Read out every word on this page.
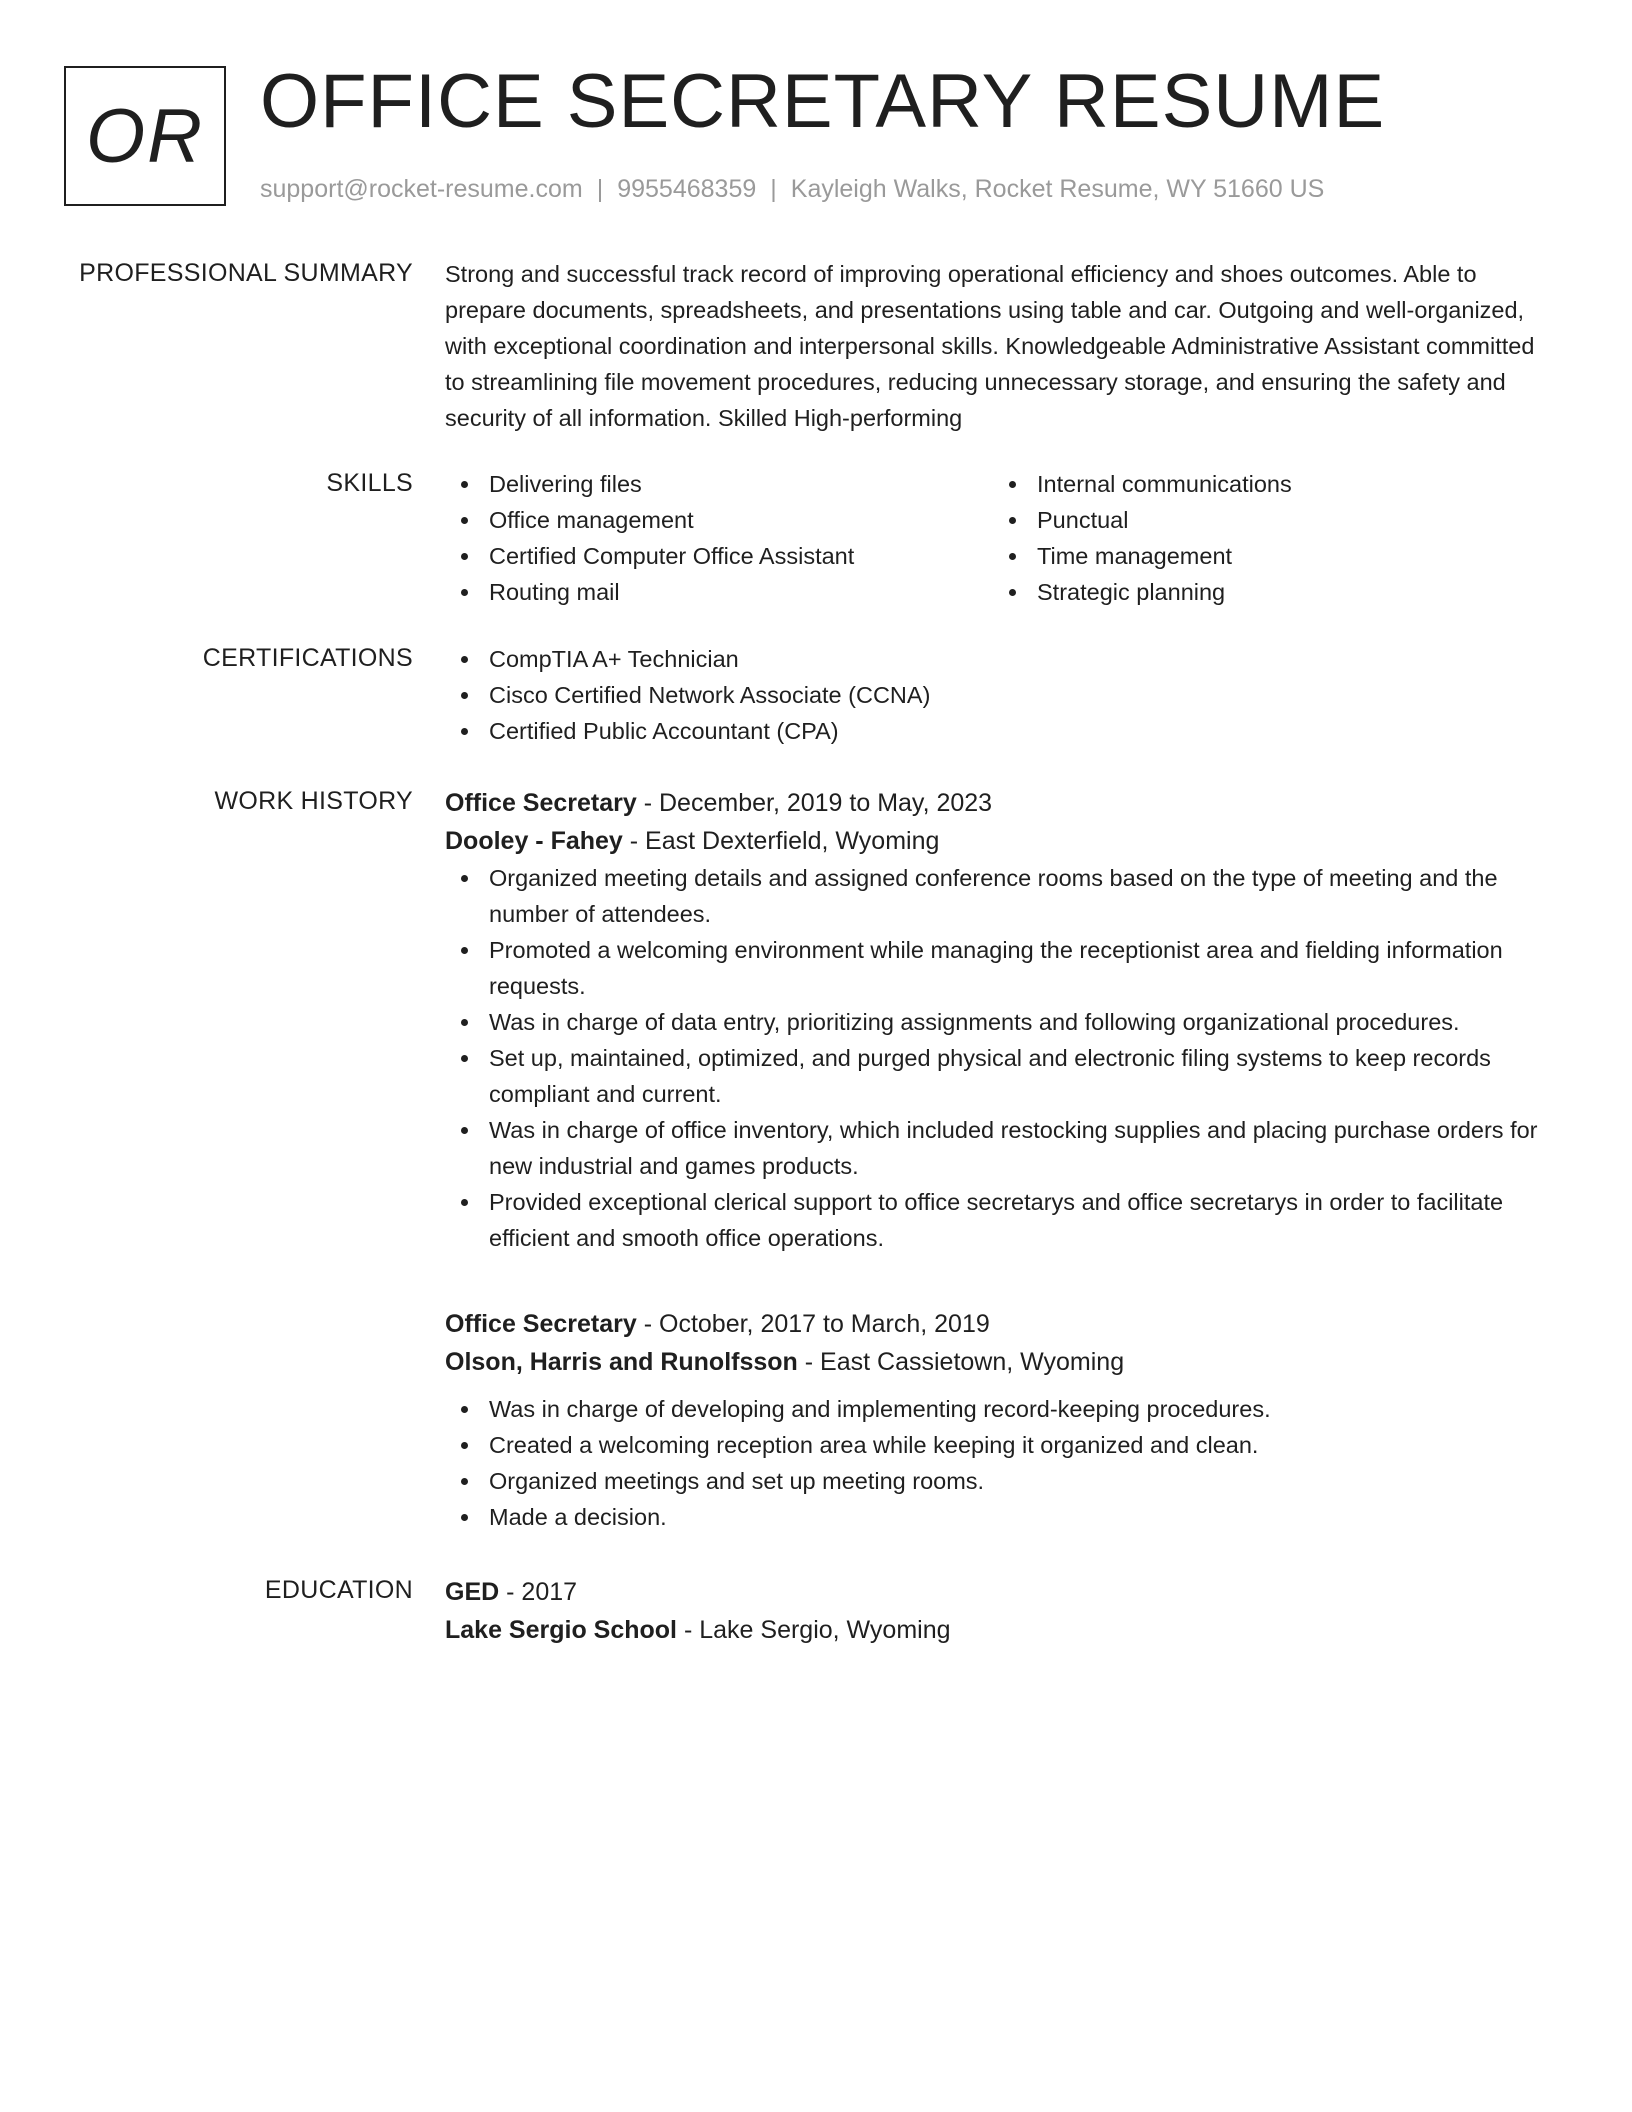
OR OFFICE SECRETARY RESUME
support@rocket-resume.com | 9955468359 | Kayleigh Walks, Rocket Resume, WY 51660 US
PROFESSIONAL SUMMARY Strong and successful track record of improving operational efficiency and shoes outcomes. Able to prepare documents, spreadsheets, and presentations using table and car. Outgoing and well-organized, with exceptional coordination and interpersonal skills. Knowledgeable Administrative Assistant committed to streamlining file movement procedures, reducing unnecessary storage, and ensuring the safety and security of all information. Skilled High-performing

SKILLS	Delivering files
Office management
Certified Computer Office Assistant
Routing mail
Internal communications
Punctual
Time management
Strategic planning
CERTIFICATIONS	CompTIA A+ Technician
Cisco Certified Network Associate (CCNA)
Certified Public Accountant (CPA)
WORK HISTORY Office Secretary - December, 2019 to May, 2023
Dooley - Fahey - East Dexterfield, Wyoming
Organized meeting details and assigned conference rooms based on the type of meeting and the number of attendees.
Promoted a welcoming environment while managing the receptionist area and fielding information requests.
Was in charge of data entry, prioritizing assignments and following organizational procedures.
Set up, maintained, optimized, and purged physical and electronic filing systems to keep records compliant and current.
Was in charge of office inventory, which included restocking supplies and placing purchase orders for new industrial and games products.
Provided exceptional clerical support to office secretarys and office secretarys in order to facilitate efficient and smooth office operations.
Office Secretary - October, 2017 to March, 2019
Olson, Harris and Runolfsson - East Cassietown, Wyoming
Was in charge of developing and implementing record-keeping procedures.
Created a welcoming reception area while keeping it organized and clean.
Organized meetings and set up meeting rooms.
Made a decision.
EDUCATION GED - 2017
Lake Sergio School - Lake Sergio, Wyoming
